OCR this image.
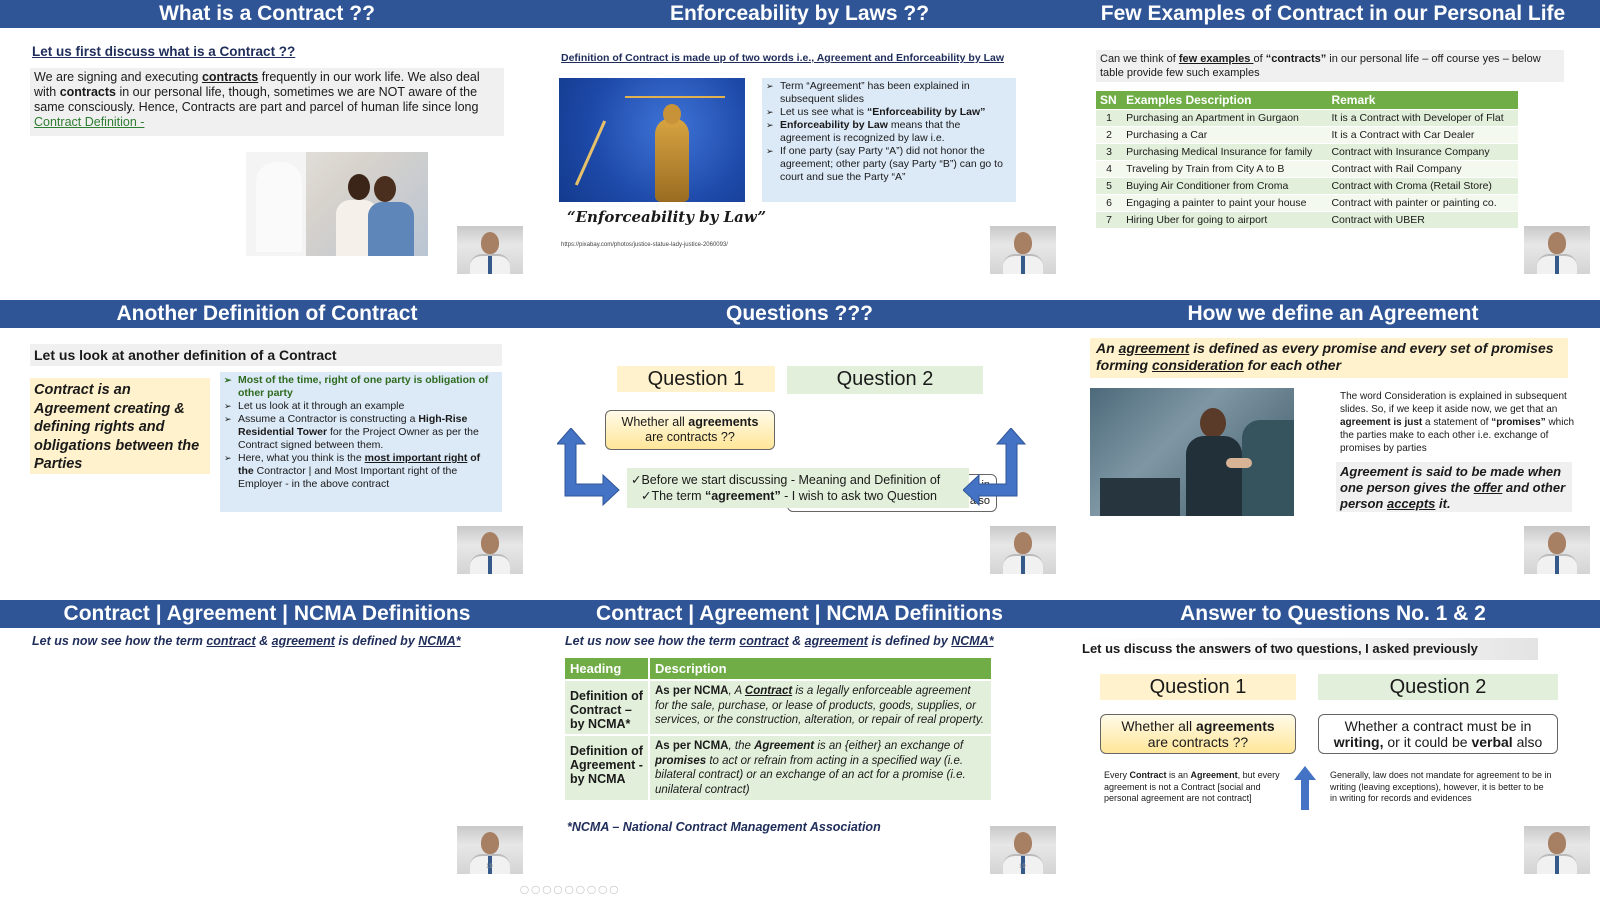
What is a Contract ??
Let us first discuss what is a Contract ??
We are signing and executing contracts frequently in our work life. We also deal with contracts in our personal life, though, sometimes we are NOT aware of the same consciously. Hence, Contracts are part and parcel of human life since long
Contract Definition -
Enforceability by Laws ??
Definition of Contract is made up of two words i.e., Agreement and Enforceability by Law
“Enforceability by Law”
https://pixabay.com/photos/justice-statue-lady-justice-2060093/
➢ Term “Agreement” has been explained in subsequent slides
➢ Let us see what is “Enforceability by Law”
➢ Enforceability by Law means that the agreement is recognized by law i.e.
➢ If one party (say Party “A”) did not honor the agreement; other party (say Party “B”) can go to court and sue the Party “A”
Few Examples of Contract in our Personal Life
Can we think of few examples of “contracts” in our personal life – off course yes – below table provide few such examples
SN	Examples Description	Remark
1	Purchasing an Apartment in Gurgaon	It is a Contract with Developer of Flat
2	Purchasing a Car	It is a Contract with Car Dealer
3	Purchasing Medical Insurance for family	Contract with Insurance Company
4	Traveling by Train from City A to B	Contract with Rail Company
5	Buying Air Conditioner from Croma	Contract with Croma (Retail Store)
6	Engaging a painter to paint your house	Contract with painter or painting co.
7	Hiring Uber for going to airport	Contract with UBER
Another Definition of Contract
Let us look at another definition of a Contract
Contract is an Agreement creating & defining rights and obligations between the Parties
➢ Most of the time, right of one party is obligation of other party
➢ Let us look at it through an example
➢ Assume a Contractor is constructing a High-Rise Residential Tower for the Project Owner as per the Contract signed between them.
➢ Here, what you think is the most important right of the Contractor | and Most Important right of the Employer - in the above contract
Questions ???
Question 1	Question 2
Whether all agreements
are contracts ??
also
✓Before we start discussing - Meaning and Definition of
✓The term “agreement” - I wish to ask two Question
How we define an Agreement
An agreement is defined as every promise and every set of promises forming consideration for each other
The word Consideration is explained in subsequent slides. So, if we keep it aside now, we get that an agreement is just a statement of “promises” which the parties make to each other i.e. exchange of promises by parties
Agreement is said to be made when one person gives the offer and other person accepts it.
Contract | Agreement | NCMA Definitions
Let us now see how the term contract & agreement is defined by NCMA*
19
Contract | Agreement | NCMA Definitions
Let us now see how the term contract & agreement is defined by NCMA*
Heading	Description
Definition of Contract – by NCMA*	As per NCMA, A Contract is a legally enforceable agreement for the sale, purchase, or lease of products, goods, supplies, or services, or the construction, alteration, or repair of real property.
Definition of Agreement - by NCMA	As per NCMA, the Agreement is an {either} an exchange of promises to act or refrain from acting in a specified way (i.e. bilateral contract) or an exchange of an act for a promise (i.e. unilateral contract)
*NCMA – National Contract Management Association
19
Answer to Questions No. 1 & 2
Let us discuss the answers of two questions, I asked previously
Question 1	Question 2
Whether all agreements
are contracts ??
Whether a contract must be in writing, or it could be verbal also
Every Contract is an Agreement, but every agreement is not a Contract [social and personal agreement are not contract]
Generally, law does not mandate for agreement to be in writing (leaving exceptions), however, it is better to be in writing for records and evidences
◯ ◯ ◯ ◯ ◯ ◯ ◯ ◯ ◯
